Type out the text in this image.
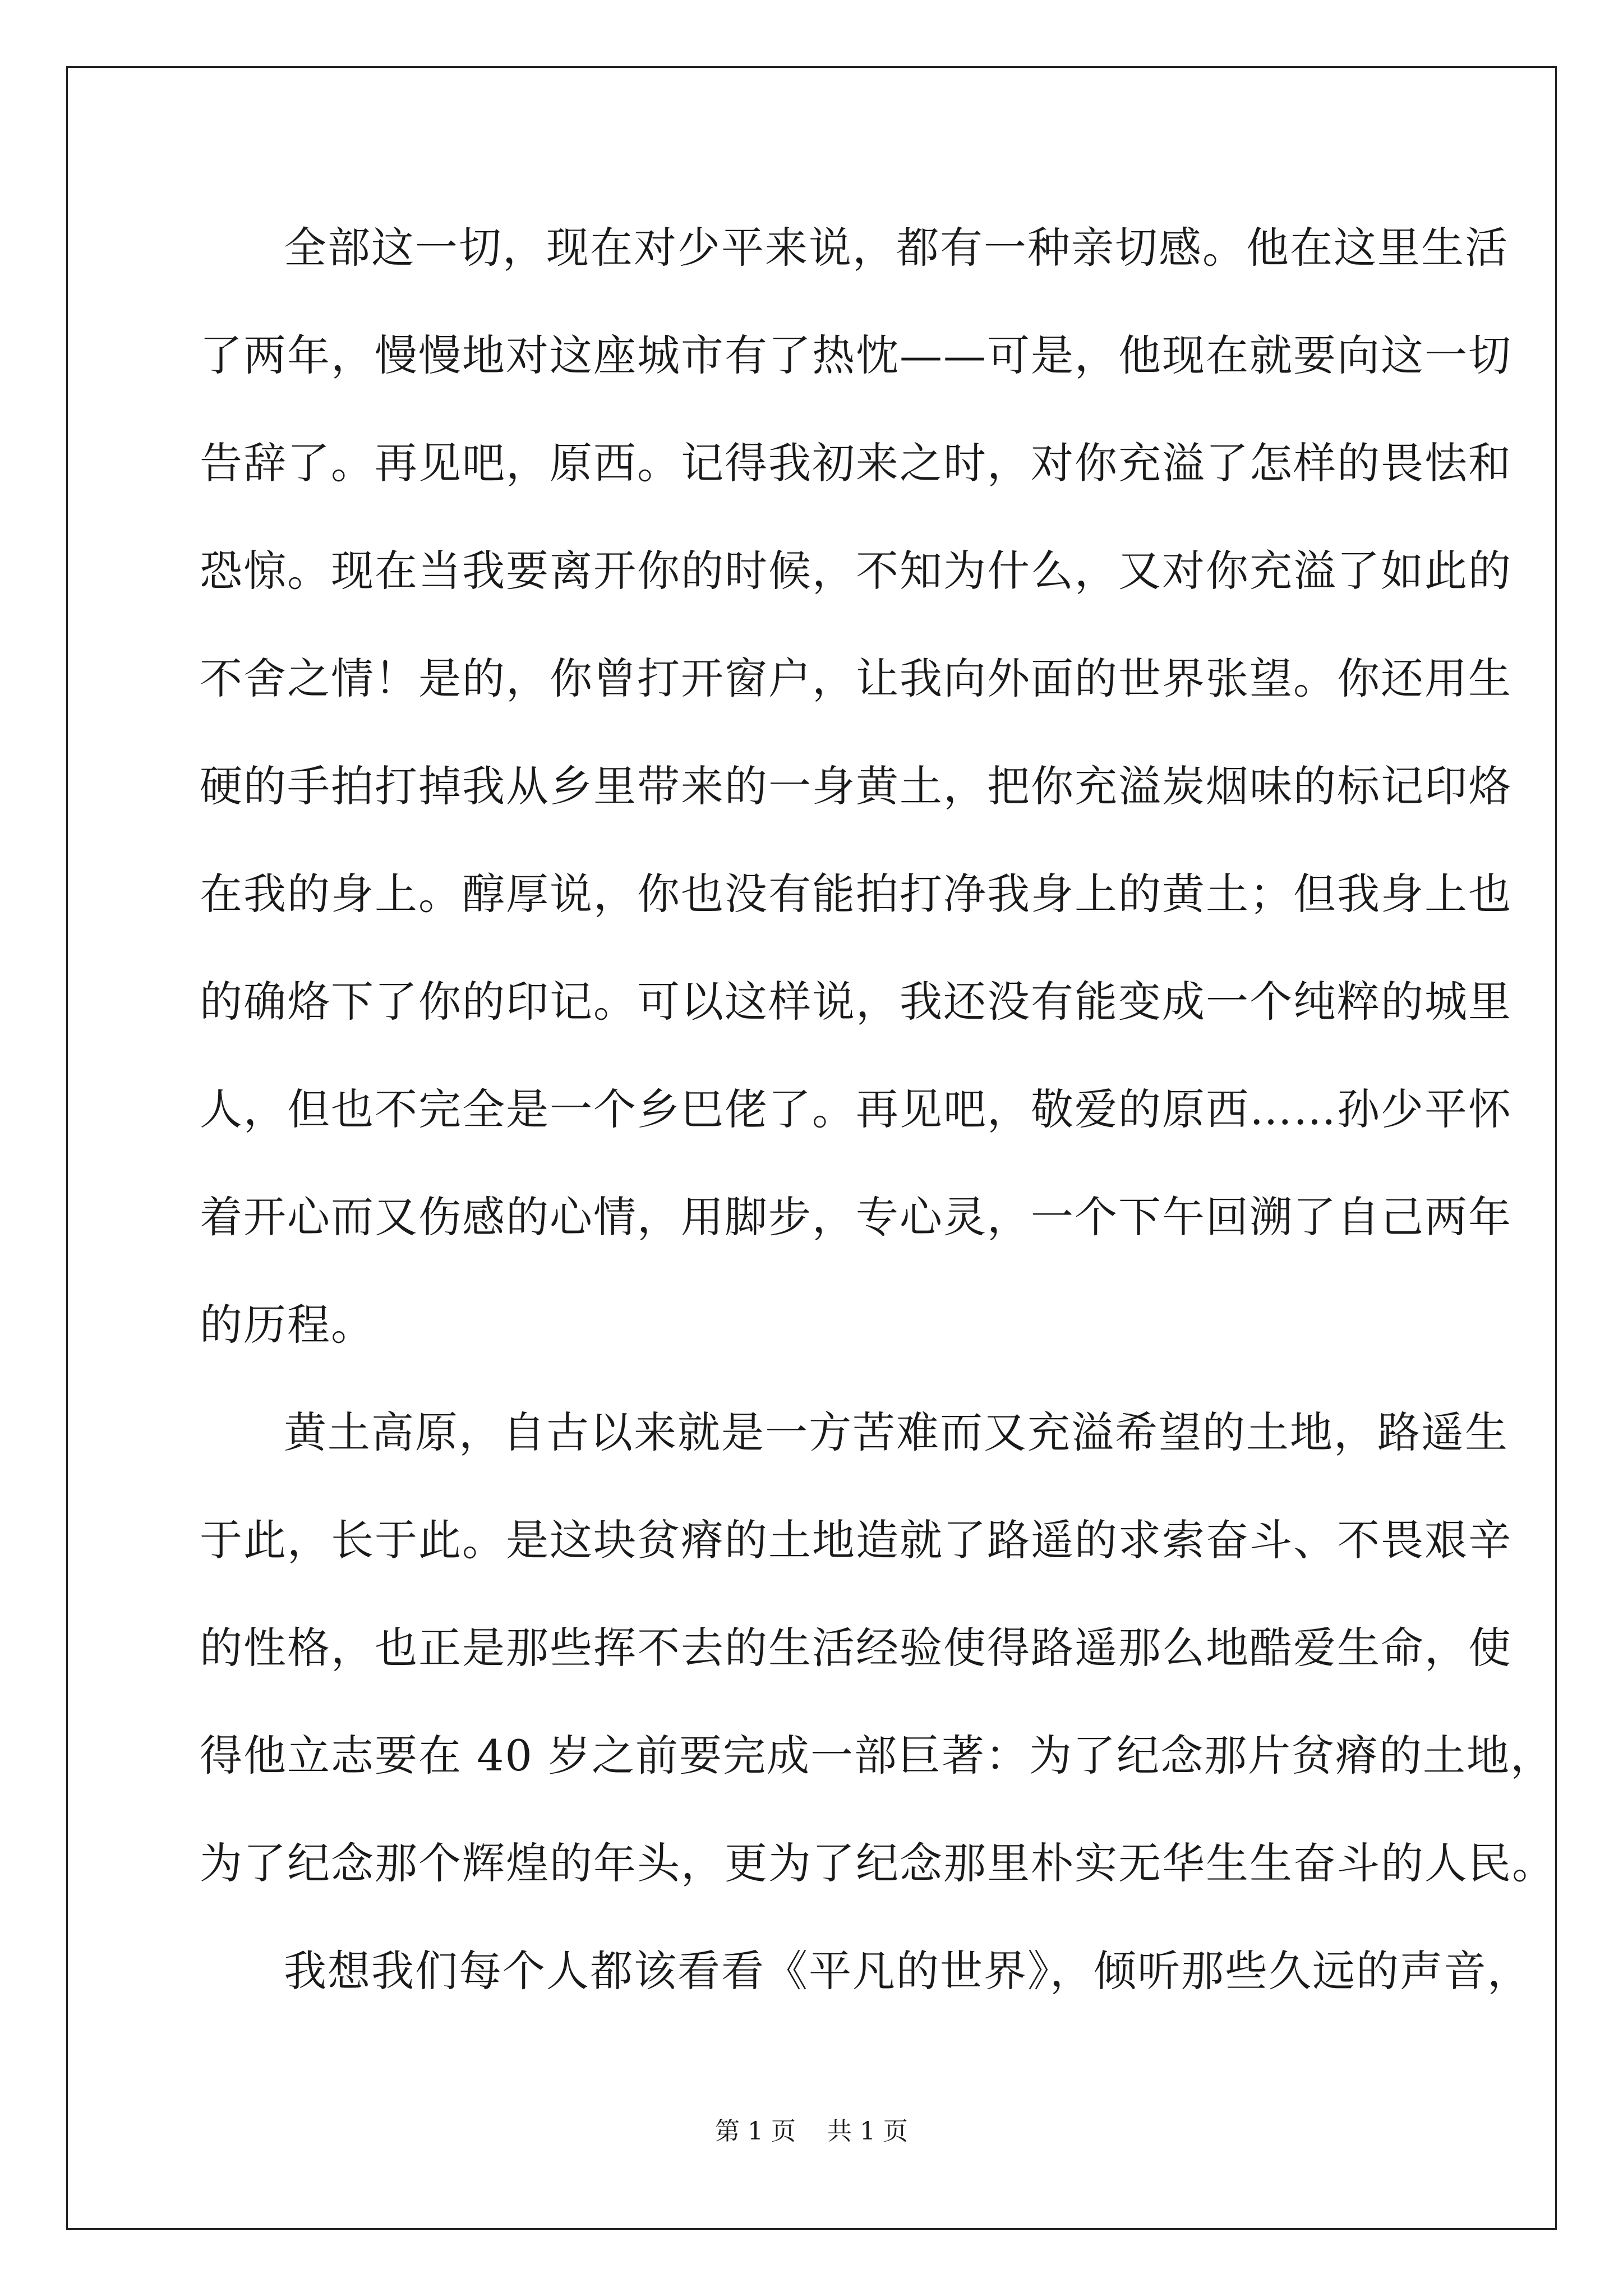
全部这一切，现在对少平来说，都有一种亲切感。他在这里生活
了两年，慢慢地对这座城市有了热忱——可是，他现在就要向这一切
告辞了。再见吧，原西。记得我初来之时，对你充溢了怎样的畏怯和
恐惊。现在当我要离开你的时候，不知为什么，又对你充溢了如此的
不舍之情！是的，你曾打开窗户，让我向外面的世界张望。你还用生
硬的手拍打掉我从乡里带来的一身黄土，把你充溢炭烟味的标记印烙
在我的身上。醇厚说，你也没有能拍打净我身上的黄土；但我身上也
的确烙下了你的印记。可以这样说，我还没有能变成一个纯粹的城里
人，但也不完全是一个乡巴佬了。再见吧，敬爱的原西……孙少平怀
着开心而又伤感的心情，用脚步，专心灵，一个下午回溯了自己两年
的历程。
黄土高原，自古以来就是一方苦难而又充溢希望的土地，路遥生
于此，长于此。是这块贫瘠的土地造就了路遥的求索奋斗、不畏艰辛
的性格，也正是那些挥不去的生活经验使得路遥那么地酷爱生命，使
得他立志要在 40 岁之前要完成一部巨著：为了纪念那片贫瘠的土地，
为了纪念那个辉煌的年头，更为了纪念那里朴实无华生生奋斗的人民。
我想我们每个人都该看看《平凡的世界》，倾听那些久远的声音，
第 1 页    共 1 页
